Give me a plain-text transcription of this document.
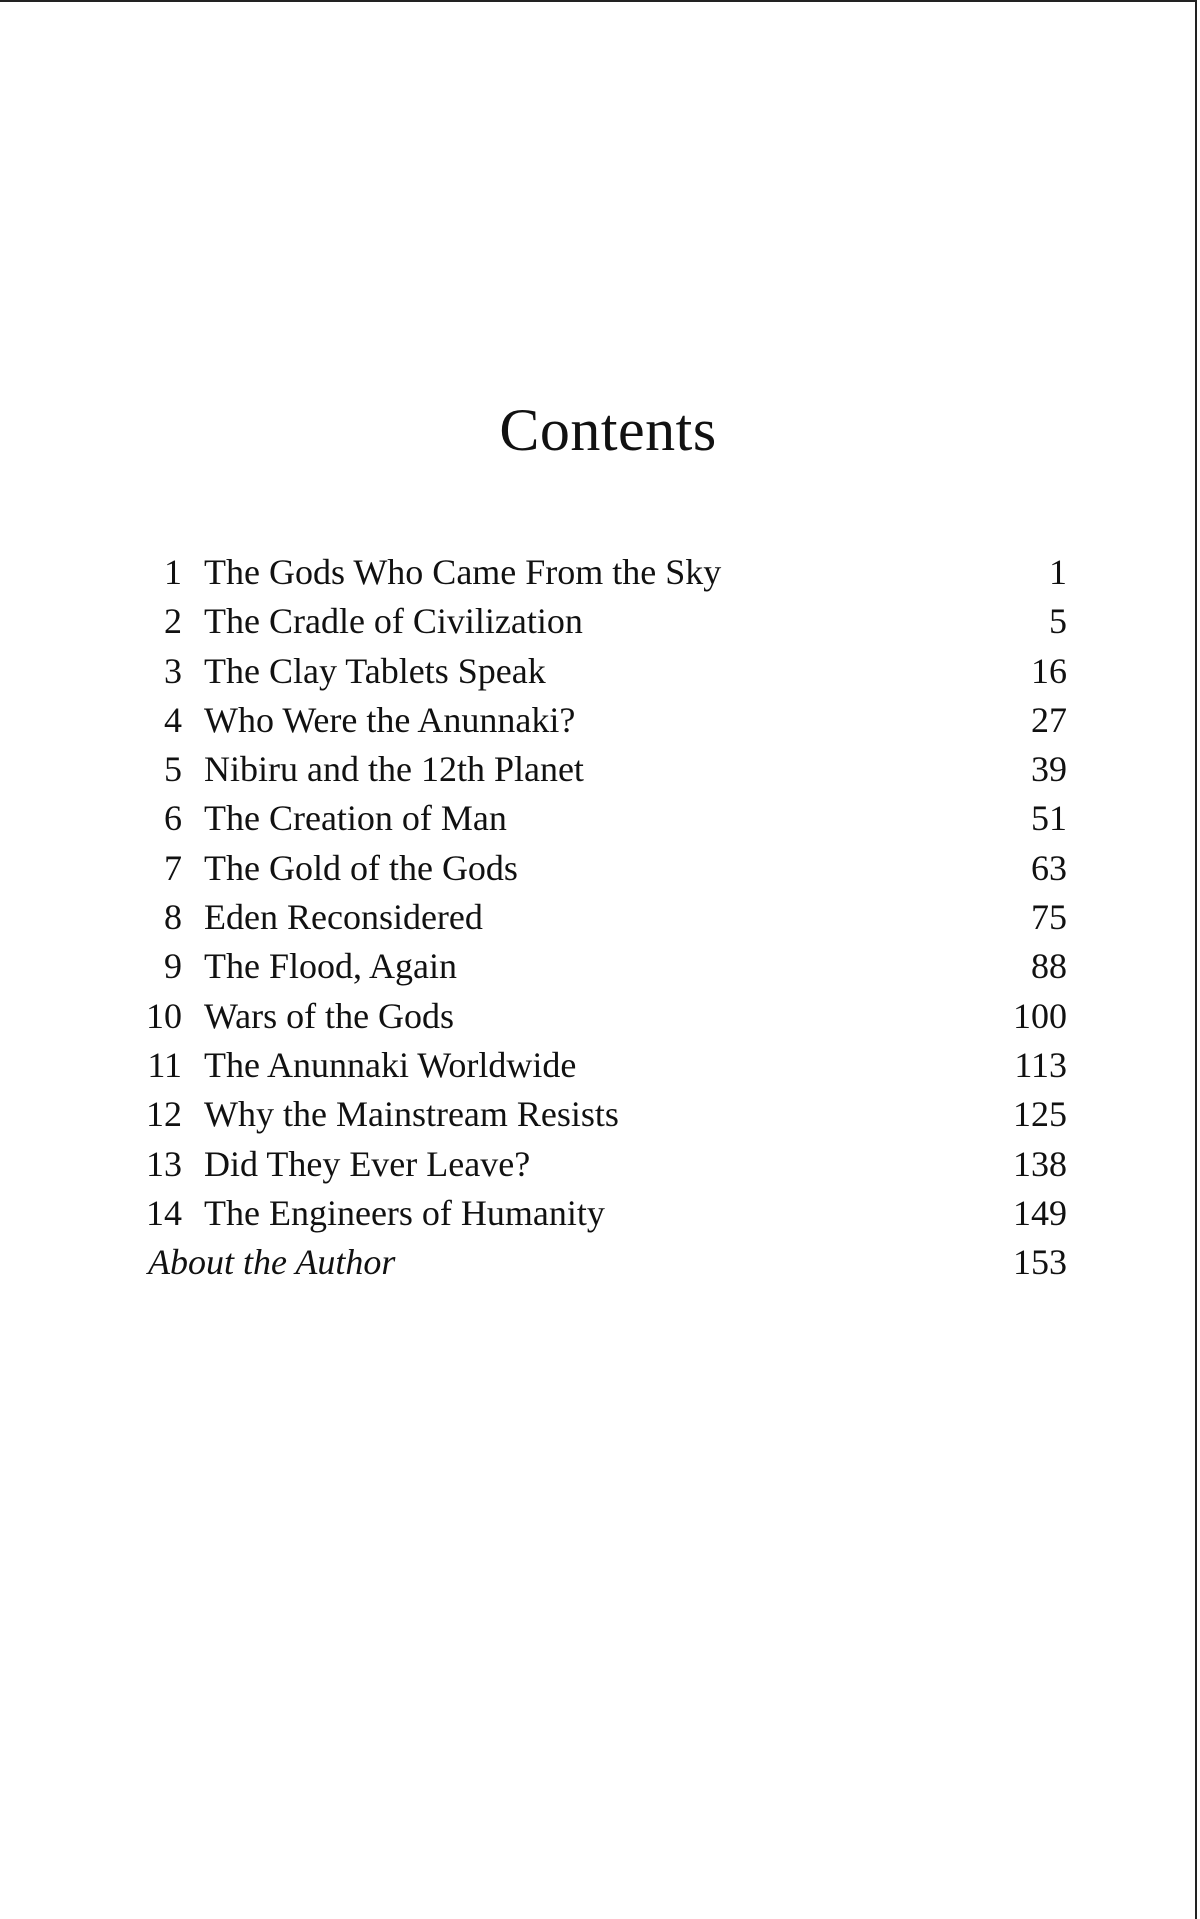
Contents
1 The Gods Who Came From the Sky	1
2 The Cradle of Civilization	5
3 The Clay Tablets Speak	16
4 Who Were the Anunnaki?	27
5 Nibiru and the 12th Planet	39
6 The Creation of Man	51
7 The Gold of the Gods	63
8 Eden Reconsidered	75
9 The Flood, Again	88
10 Wars of the Gods	100
11 The Anunnaki Worldwide	113
12 Why the Mainstream Resists	125
13 Did They Ever Leave?	138
14 The Engineers of Humanity	149
About the Author	153
